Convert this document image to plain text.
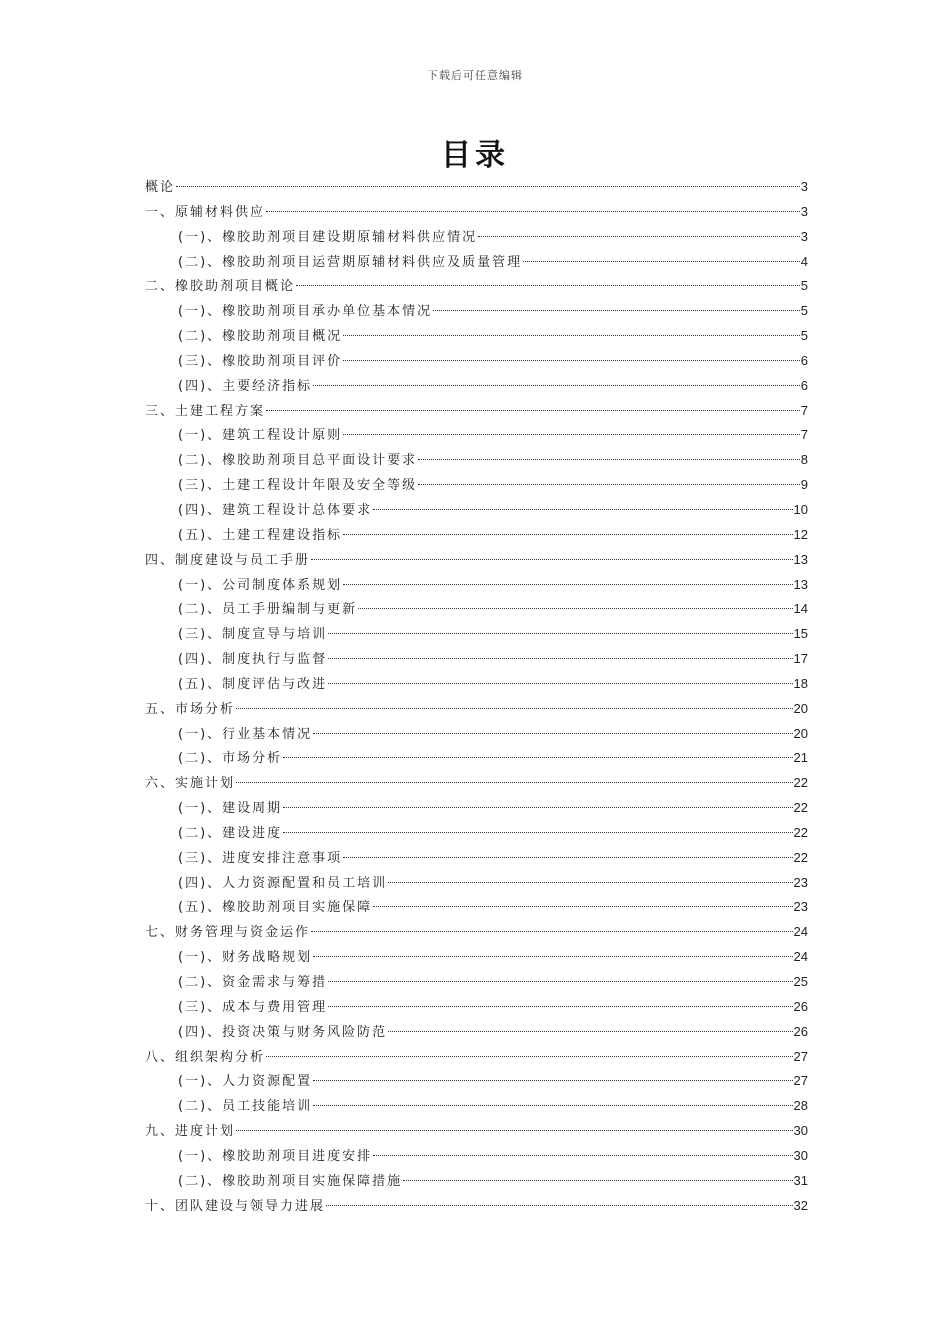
下载后可任意编辑
目录
概论	3
一、原辅材料供应	3
(一)、橡胶助剂项目建设期原辅材料供应情况	3
(二)、橡胶助剂项目运营期原辅材料供应及质量管理	4
二、橡胶助剂项目概论	5
(一)、橡胶助剂项目承办单位基本情况	5
(二)、橡胶助剂项目概况	5
(三)、橡胶助剂项目评价	6
(四)、主要经济指标	6
三、土建工程方案	7
(一)、建筑工程设计原则	7
(二)、橡胶助剂项目总平面设计要求	8
(三)、土建工程设计年限及安全等级	9
(四)、建筑工程设计总体要求	10
(五)、土建工程建设指标	12
四、制度建设与员工手册	13
(一)、公司制度体系规划	13
(二)、员工手册编制与更新	14
(三)、制度宣导与培训	15
(四)、制度执行与监督	17
(五)、制度评估与改进	18
五、市场分析	20
(一)、行业基本情况	20
(二)、市场分析	21
六、实施计划	22
(一)、建设周期	22
(二)、建设进度	22
(三)、进度安排注意事项	22
(四)、人力资源配置和员工培训	23
(五)、橡胶助剂项目实施保障	23
七、财务管理与资金运作	24
(一)、财务战略规划	24
(二)、资金需求与筹措	25
(三)、成本与费用管理	26
(四)、投资决策与财务风险防范	26
八、组织架构分析	27
(一)、人力资源配置	27
(二)、员工技能培训	28
九、进度计划	30
(一)、橡胶助剂项目进度安排	30
(二)、橡胶助剂项目实施保障措施	31
十、团队建设与领导力进展	32
